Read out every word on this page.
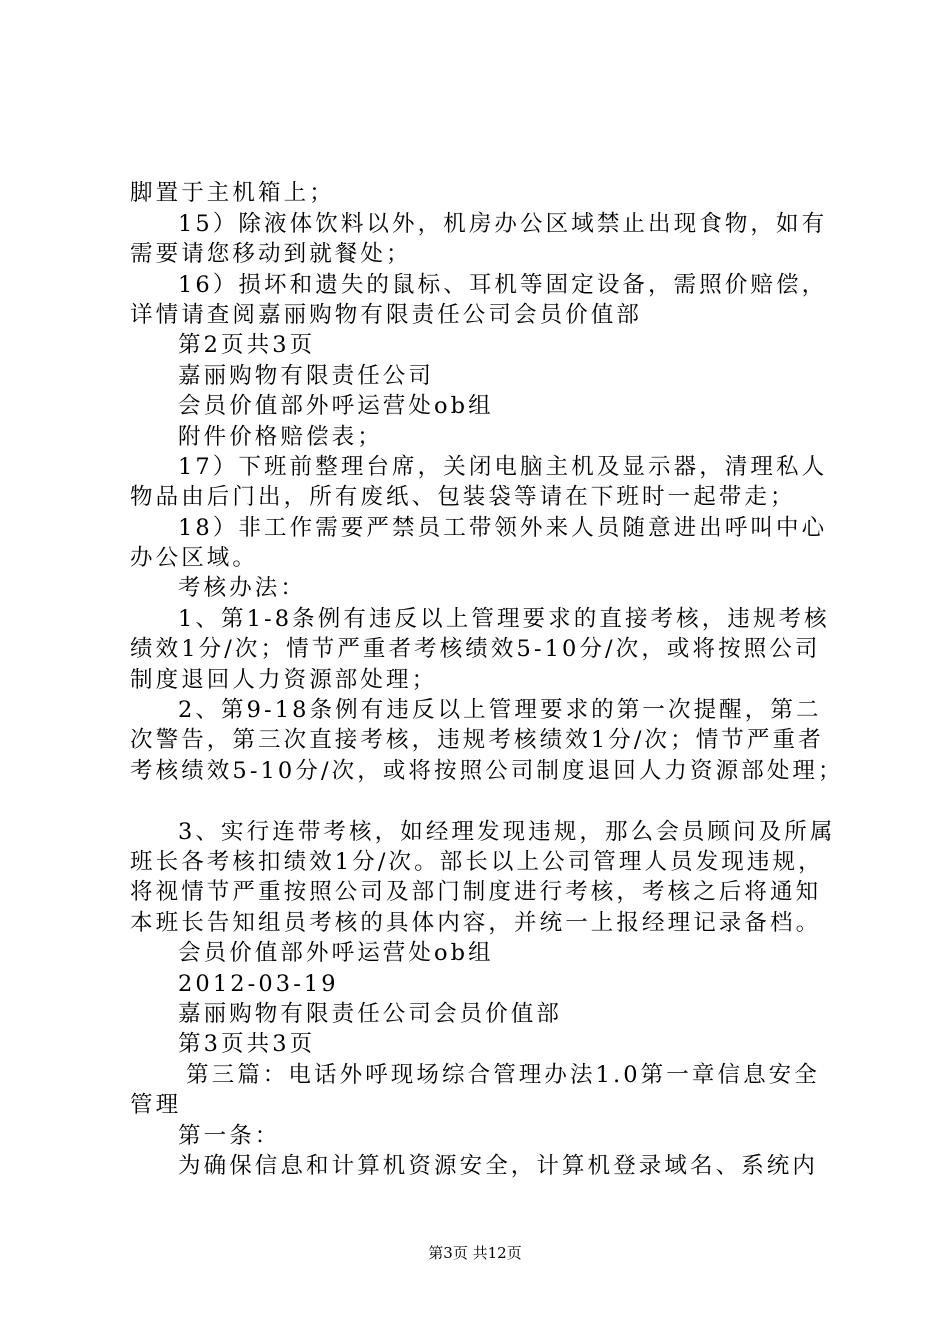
脚置于主机箱上；
15）除液体饮料以外，机房办公区域禁止出现食物，如有
需要请您移动到就餐处；
16）损坏和遗失的鼠标、耳机等固定设备，需照价赔偿，
详情请查阅嘉丽购物有限责任公司会员价值部
第2页共3页
嘉丽购物有限责任公司
会员价值部外呼运营处ob组
附件价格赔偿表；
17）下班前整理台席，关闭电脑主机及显示器，清理私人
物品由后门出，所有废纸、包装袋等请在下班时一起带走；
18）非工作需要严禁员工带领外来人员随意进出呼叫中心
办公区域。
考核办法：
1、第1-8条例有违反以上管理要求的直接考核，违规考核
绩效1分/次；情节严重者考核绩效5-10分/次，或将按照公司
制度退回人力资源部处理；
2、第9-18条例有违反以上管理要求的第一次提醒，第二
次警告，第三次直接考核，违规考核绩效1分/次；情节严重者
考核绩效5-10分/次，或将按照公司制度退回人力资源部处理；
3、实行连带考核，如经理发现违规，那么会员顾问及所属
班长各考核扣绩效1分/次。部长以上公司管理人员发现违规，
将视情节严重按照公司及部门制度进行考核，考核之后将通知
本班长告知组员考核的具体内容，并统一上报经理记录备档。
会员价值部外呼运营处ob组
2012-03-19
嘉丽购物有限责任公司会员价值部
第3页共3页
第三篇：电话外呼现场综合管理办法1.0第一章信息安全
管理
第一条：
为确保信息和计算机资源安全，计算机登录域名、系统内
第3页 共12页
